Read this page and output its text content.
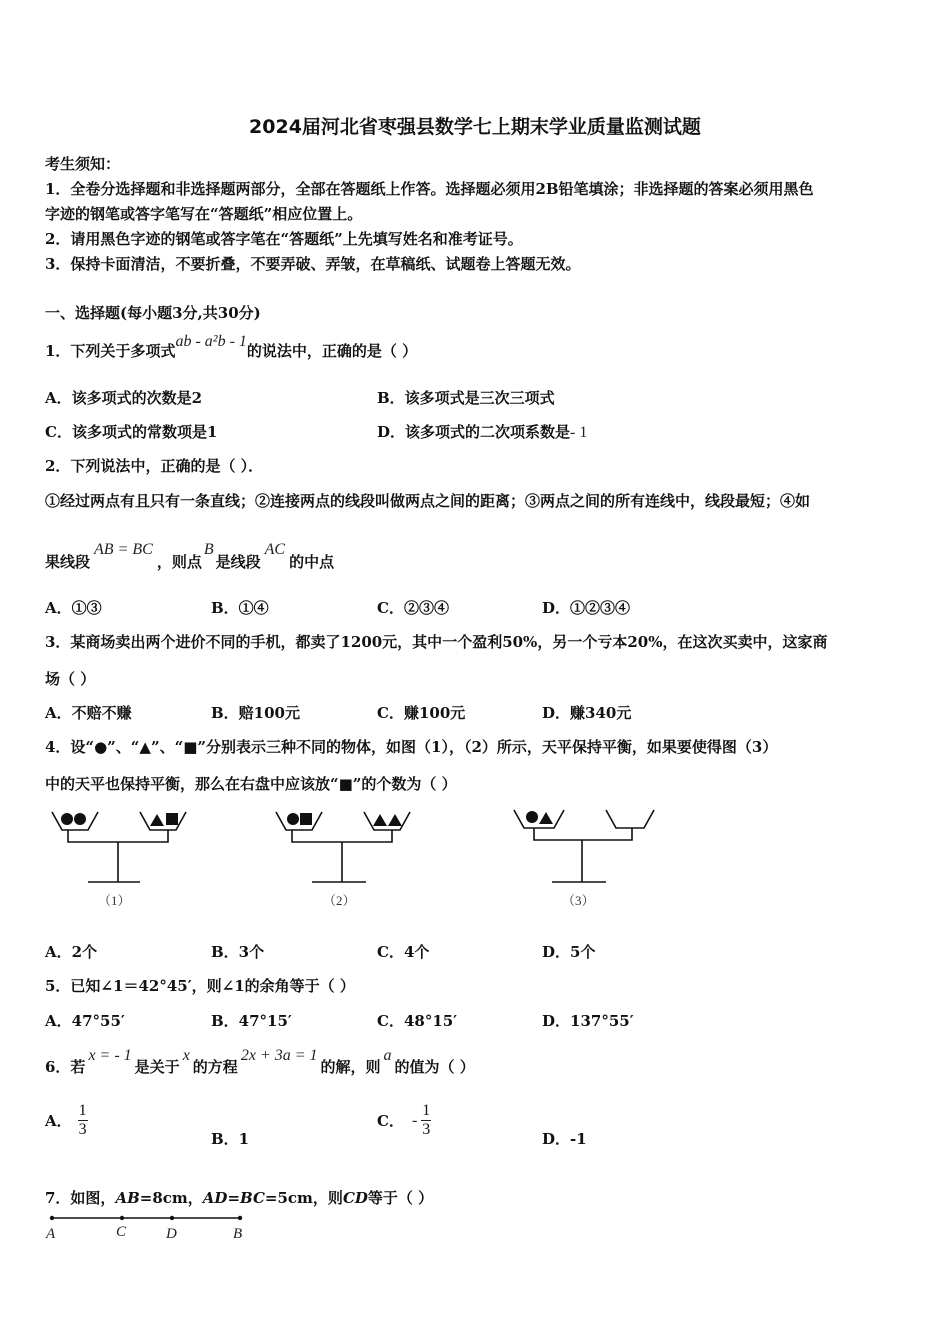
2024届河北省枣强县数学七上期末学业质量监测试题
考生须知：
1．全卷分选择题和非选择题两部分，全部在答题纸上作答。选择题必须用2B铅笔填涂；非选择题的答案必须用黑色
字迹的钢笔或答字笔写在“答题纸”相应位置上。
2．请用黑色字迹的钢笔或答字笔在“答题纸”上先填写姓名和准考证号。
3．保持卡面清洁，不要折叠，不要弄破、弄皱，在草稿纸、试题卷上答题无效。
一、选择题(每小题3分,共30分)
1．下列关于多项式ab - a²b - 1的说法中，正确的是（ ）
A．该多项式的次数是2	B．该多项式是三次三项式
C．该多项式的常数项是1	D．该多项式的二次项系数是- 1
2．下列说法中，正确的是（ ）．
①经过两点有且只有一条直线；②连接两点的线段叫做两点之间的距离；③两点之间的所有连线中，线段最短；④如
果线段AB = BC，则点B是线段AC的中点
A．①③	B．①④	C．②③④	D．①②③④
3．某商场卖出两个进价不同的手机，都卖了1200元，其中一个盈利50%，另一个亏本20%，在这次买卖中，这家商
场（ ）
A．不赔不赚	B．赔100元	C．赚100元	D．赚340元
4．设“●”、“▲”、“■”分别表示三种不同的物体，如图（1），（2）所示，天平保持平衡，如果要使得图（3）
中的天平也保持平衡，那么在右盘中应该放“■”的个数为（ ）
（1）	（2）	（3）
A．2个	B．3个	C．4个	D．5个
5．已知∠1＝42°45′，则∠1的余角等于（ ）
A．47°55′	B．47°15′	C．48°15′	D．137°55′
6．若x = - 1是关于x的方程2x + 3a = 1的解，则a的值为（ ）
A． $\frac{1}{3}$	B．1
C． - $\frac{1}{3}$	D．-1
7．如图，AB=8cm，AD=BC=5cm，则CD等于（ ）
A	C	D	B
